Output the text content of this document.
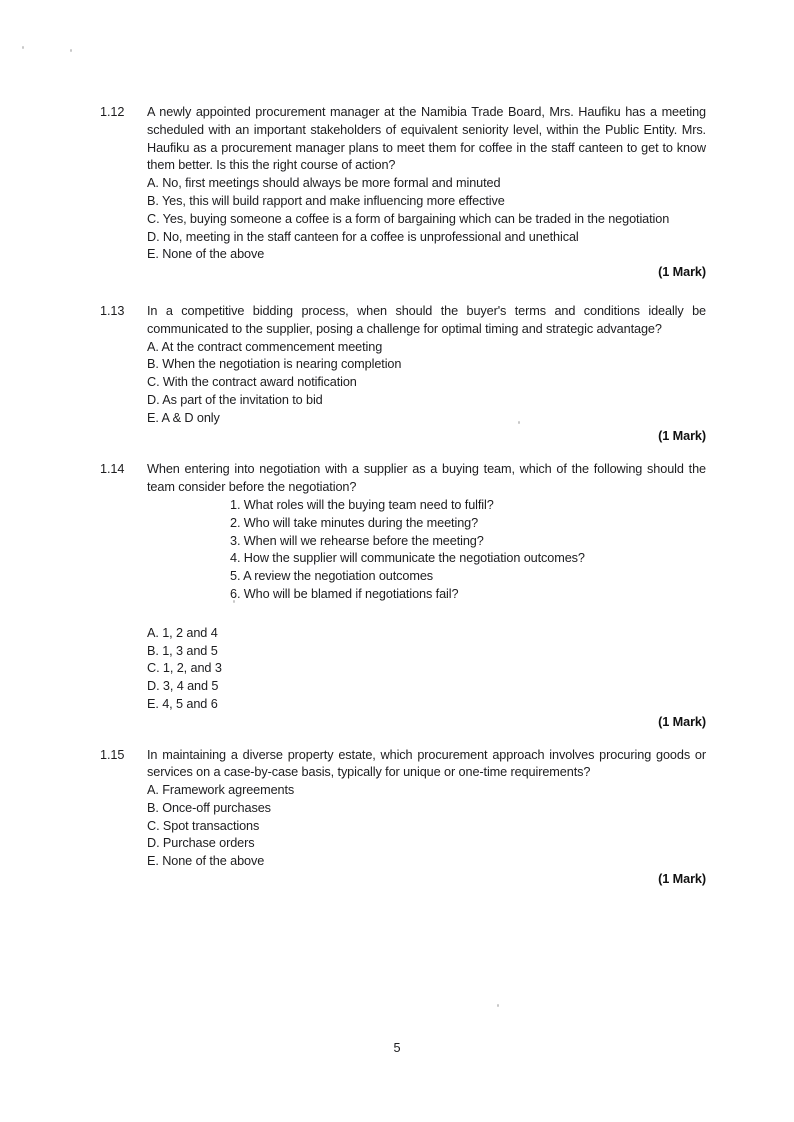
1.12	A newly appointed procurement manager at the Namibia Trade Board, Mrs. Haufiku has a meeting scheduled with an important stakeholders of equivalent seniority level, within the Public Entity. Mrs. Haufiku as a procurement manager plans to meet them for coffee in the staff canteen to get to know them better. Is this the right course of action?

A. No, first meetings should always be more formal and minuted
B. Yes, this will build rapport and make influencing more effective
C. Yes, buying someone a coffee is a form of bargaining which can be traded in the negotiation
D. No, meeting in the staff canteen for a coffee is unprofessional and unethical
E. None of the above
(1 Mark)
1.13	In a competitive bidding process, when should the buyer's terms and conditions ideally be communicated to the supplier, posing a challenge for optimal timing and strategic advantage?

A. At the contract commencement meeting
B. When the negotiation is nearing completion
C. With the contract award notification
D. As part of the invitation to bid
E. A & D only
(1 Mark)
1.14	When entering into negotiation with a supplier as a buying team, which of the following should the team consider before the negotiation?

1. What roles will the buying team need to fulfil?
2. Who will take minutes during the meeting?
3. When will we rehearse before the meeting?
4. How the supplier will communicate the negotiation outcomes?
5. A review the negotiation outcomes
6. Who will be blamed if negotiations fail?
A. 1, 2 and 4
B. 1, 3 and 5
C. 1, 2, and 3
D. 3, 4 and 5
E. 4, 5 and 6
(1 Mark)
1.15	In maintaining a diverse property estate, which procurement approach involves procuring goods or services on a case-by-case basis, typically for unique or one-time requirements?

A. Framework agreements
B. Once-off purchases
C. Spot transactions
D. Purchase orders
E. None of the above
(1 Mark)
5
